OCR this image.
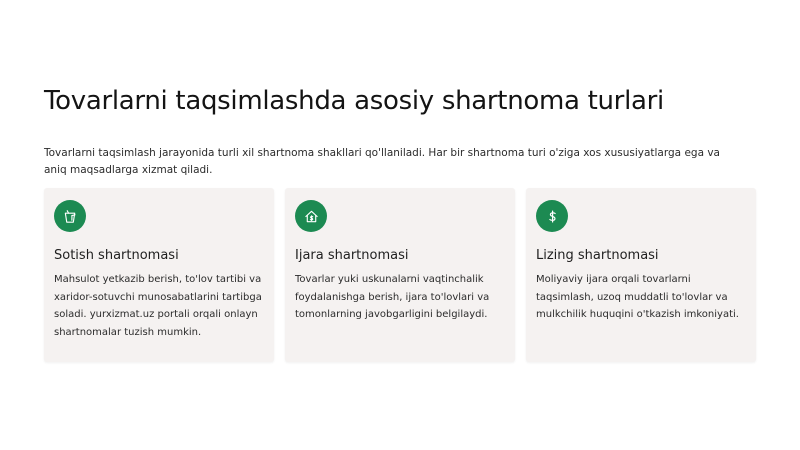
Tovarlarni taqsimlashda asosiy shartnoma turlari

Tovarlarni taqsimlash jarayonida turli xil shartnoma shakllari qo'llaniladi. Har bir shartnoma turi o'ziga xos xususiyatlarga ega va aniq maqsadlarga xizmat qiladi.

Sotish shartnomasi
Mahsulot yetkazib berish, to'lov tartibi va xaridor-sotuvchi munosabatlarini tartibga soladi. yurxizmat.uz portali orqali onlayn shartnomalar tuzish mumkin.
Ijara shartnomasi
Tovarlar yuki uskunalarni vaqtinchalik foydalanishga berish, ijara to'lovlari va tomonlarning javobgarligini belgilaydi.
Lizing shartnomasi
Moliyaviy ijara orqali tovarlarni taqsimlash, uzoq muddatli to'lovlar va mulkchilik huquqini o'tkazish imkoniyati.
